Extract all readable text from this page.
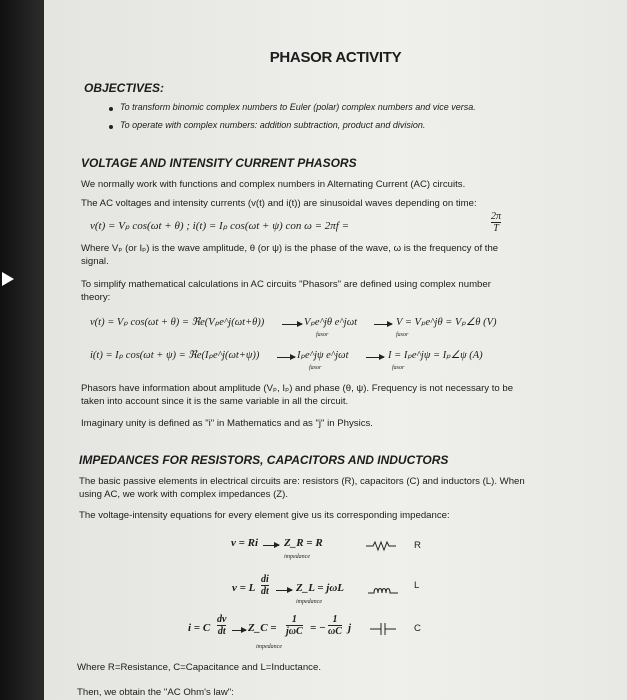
PHASOR ACTIVITY
OBJECTIVES:
To transform binomic complex numbers to Euler (polar) complex numbers and vice versa.
To operate with complex numbers: addition subtraction, product and division.
VOLTAGE AND INTENSITY CURRENT PHASORS
We normally work with functions and complex numbers in Alternating Current (AC) circuits.
The AC voltages and intensity currents (v(t) and i(t)) are sinusoidal waves depending on time:
v(t) = Vₚ cos(ωt + θ) ; i(t) = Iₚ cos(ωt + ψ) con ω = 2πf =
2π
T
Where Vₚ (or Iₚ) is the wave amplitude, θ (or ψ) is the phase of the wave, ω is the frequency of the
signal.
To simplify mathematical calculations in AC circuits "Phasors" are defined using complex number
theory:
v(t) = Vₚ cos(ωt + θ) = ℜe(Vₚe^j(ωt+θ))	Vₚe^jθ e^jωt
fasor
V = Vₚe^jθ = Vₚ∠θ (V)
fasor
i(t) = Iₚ cos(ωt + ψ) = ℜe(Iₚe^j(ωt+ψ))	Iₚe^jψ e^jωt
fasor
I = Iₚe^jψ = Iₚ∠ψ (A)
fasor
Phasors have information about amplitude (Vₚ, Iₚ) and phase (θ, ψ). Frequency is not necessary to be
taken into account since it is the same variable in all the circuit.
Imaginary unity is defined as "i" in Mathematics and as "j" in Physics.
IMPEDANCES FOR RESISTORS, CAPACITORS AND INDUCTORS
The basic passive elements in electrical circuits are: resistors (R), capacitors (C) and inductors (L). When
using AC, we work with complex impedances (Z).
The voltage-intensity equations for every element give us its corresponding impedance:
v = Ri Z_R = R
impedance
R
v = L
di
dt Z_L = jωL
impedance
L
i = C
dv
dt Z_C =
1
jωC = −
1
ωC j
impedance
C
Where R=Resistance, C=Capacitance and L=Inductance.
Then, we obtain the "AC Ohm's law":
